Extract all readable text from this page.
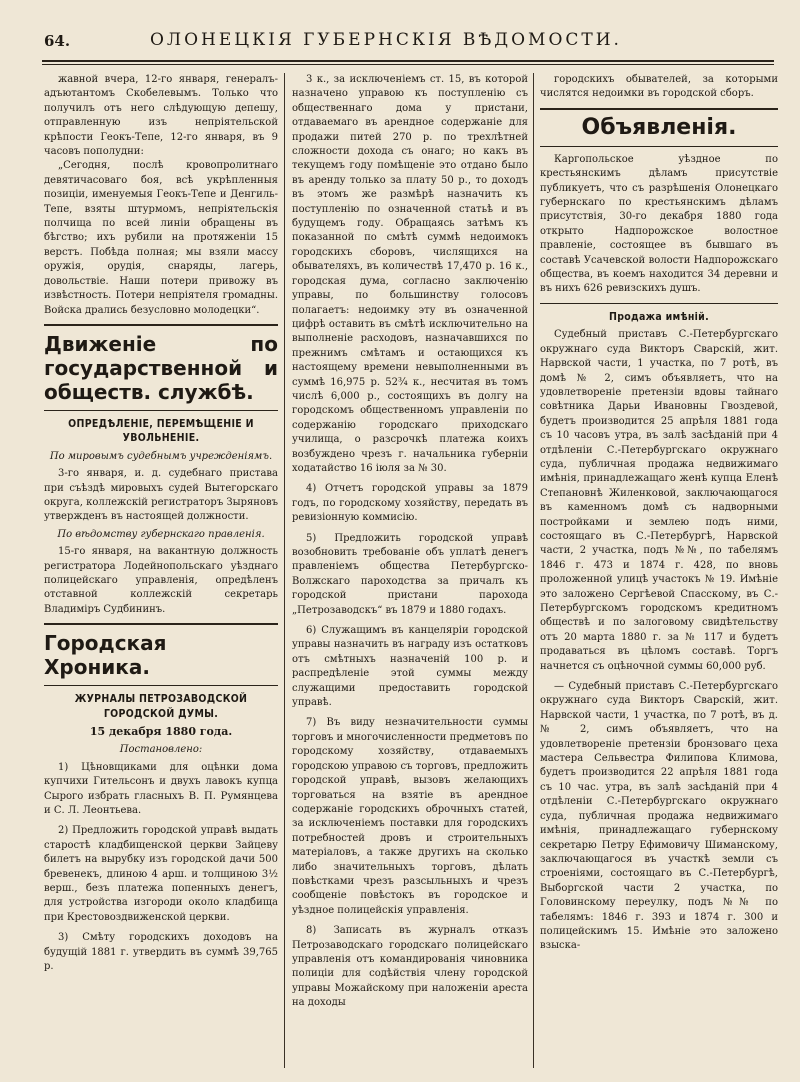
64.	ОЛОНЕЦКІЯ ГУБЕРНСКІЯ ВѢДОМОСТИ.

жавной вчера, 12-го января, генералъ-адъютантомъ Скобелевымъ. Только что получилъ отъ него слѣдующую депешу, отправленную изъ непріятельской крѣпости Геокъ-Тепе, 12-го января, въ 9 часовъ пополудни:

„Сегодня, послѣ кровопролитнаго девятичасоваго боя, всѣ укрѣпленныя позиціи, именуемыя Геокъ-Тепе и Денгиль-Тепе, взяты штурмомъ, непріятельскія полчища по всей линіи обращены въ бѣгство; ихъ рубили на протяженіи 15 верстъ. Побѣда полная; мы взяли массу оружія, орудія, снаряды, лагерь, довольствіе. Наши потери привожу въ извѣстность. Потери непріятеля громадны. Войска дрались безусловно молодецки“.

Движеніе по государственной и обществ. службѣ.
ОПРЕДѢЛЕНІЕ, ПЕРЕМѢЩЕНІЕ И УВОЛЬНЕНІЕ.

По мировымъ судебнымъ учрежденіямъ.

3-го января, и. д. судебнаго пристава при съѣздѣ мировыхъ судей Вытегорскаго округа, коллежскій регистраторъ Зыряновъ утвержденъ въ настоящей должности.

По вѣдомству губернскаго правленія.

15-го января, на вакантную должность регистратора Лодейнопольскаго уѣзднаго полицейскаго управленія, опредѣленъ отставной коллежскій секретарь Владиміръ Судбининъ.

Городская Хроника.
ЖУРНАЛЫ ПЕТРОЗАВОДСКОЙ ГОРОДСКОЙ ДУМЫ.
15 декабря 1880 года.

Постановлено:

1) Цѣновщиками для оцѣнки дома купчихи Гительсонъ и двухъ лавокъ купца Сырого избрать гласныхъ В. П. Румянцева и С. Л. Леонтьева.

2) Предложить городской управѣ выдать старостѣ кладбищенской церкви Зайцеву билетъ на вырубку изъ городской дачи 500 бревенекъ, длиною 4 арш. и толщиною 3½ верш., безъ платежа попенныхъ денегъ, для устройства изгороди около кладбища при Крестовоздвиженской церкви.

3) Смѣту городскихъ доходовъ на будущій 1881 г. утвердить въ суммѣ 39,765 р.

3 к., за исключеніемъ ст. 15, въ которой назначено управою къ поступленію съ общественнаго дома у пристани, отдаваемаго въ арендное содержаніе для продажи питей 270 р. по трехлѣтней сложности дохода съ онаго; но какъ въ текущемъ году помѣщеніе это отдано было въ аренду только за плату 50 р., то доходъ въ этомъ же размѣрѣ назначить къ поступленію по означенной статьѣ и въ будущемъ году. Обращаясь затѣмъ къ показанной по смѣтѣ суммѣ недоимокъ городскихъ сборовъ, числящихся на обывателяхъ, въ количествѣ 17,470 р. 16 к., городская дума, согласно заключенію управы, по большинству голосовъ полагаетъ: недоимку эту въ означенной цифрѣ оставить въ смѣтѣ исключительно на выполненіе расходовъ, назначавшихся по прежнимъ смѣтамъ и остающихся къ настоящему времени невыполненными въ суммѣ 16,975 р. 52¾ к., несчитая въ томъ числѣ 6,000 р., состоящихъ въ долгу на городскомъ общественномъ управленіи по содержанію городскаго приходскаго училища, о разсрочкѣ платежа коихъ возбуждено чрезъ г. начальника губерніи ходатайство 16 іюля за № 30.

4) Отчетъ городской управы за 1879 годъ, по городскому хозяйству, передать въ ревизіонную коммисію.

5) Предложить городской управѣ возобновить требованіе объ уплатѣ денегъ правленіемъ общества Петербургско-Волжскаго пароходства за причалъ къ городской пристани парохода „Петрозаводскъ“ въ 1879 и 1880 годахъ.

6) Служащимъ въ канцеляріи городской управы назначить въ награду изъ остатковъ отъ смѣтныхъ назначеній 100 р. и распредѣленіе этой суммы между служащими предоставить городской управѣ.

7) Въ виду незначительности суммы торговъ и многочисленности предметовъ по городскому хозяйству, отдаваемыхъ городскою управою съ торговъ, предложить городской управѣ, вызовъ желающихъ торговаться на взятіе въ арендное содержаніе городскихъ оброчныхъ статей, за исключеніемъ поставки для городскихъ потребностей дровъ и строительныхъ матеріаловъ, а также другихъ на сколько либо значительныхъ торговъ, дѣлать повѣстками чрезъ разсыльныхъ и чрезъ сообщеніе повѣстокъ въ городское и уѣздное полицейскія управленія.

8) Записать въ журналъ отказъ Петрозаводскаго городскаго полицейскаго управленія отъ командированія чиновника полиціи для содѣйствія члену городской управы Можайскому при наложеніи ареста на доходы

городскихъ обывателей, за которыми числятся недоимки въ городской сборъ.

Объявленія.

Каргопольское уѣздное по крестьянскимъ дѣламъ присутствіе публикуетъ, что съ разрѣшенія Олонецкаго губернскаго по крестьянскимъ дѣламъ присутствія, 30-го декабря 1880 года открыто Надпорожское волостное правленіе, состоящее въ бывшаго въ составѣ Усачевской волости Надпорожскаго общества, въ коемъ находится 34 деревни и въ нихъ 626 ревизскихъ душъ.

Продажа имѣній.

Судебный приставъ С.-Петербургскаго окружнаго суда Викторъ Сварскій, жит. Нарвской части, 1 участка, по 7 ротѣ, въ домѣ № 2, симъ объявляетъ, что на удовлетвореніе претензіи вдовы тайнаго совѣтника Дарьи Ивановны Гвоздевой, будетъ производится 25 апрѣля 1881 года съ 10 часовъ утра, въ залѣ засѣданій при 4 отдѣленіи С.-Петербургскаго окружнаго суда, публичная продажа недвижимаго имѣнія, принадлежащаго женѣ купца Еленѣ Степановнѣ Жиленковой, заключающагося въ каменномъ домѣ съ надворными постройками и землею подъ ними, состоящаго въ С.-Петербургѣ, Нарвской части, 2 участка, подъ №№, по табелямъ 1846 г. 473 и 1874 г. 428, по вновь проложенной улицѣ участокъ № 19. Имѣніе это заложено Сергѣевой Спасскому, въ С.-Петербургскомъ городскомъ кредитномъ обществѣ и по залоговому свидѣтельству отъ 20 марта 1880 г. за № 117 и будетъ продаваться въ цѣломъ составѣ. Торгъ начнется съ оцѣночной суммы 60,000 руб.

— Судебный приставъ С.-Петербургскаго окружнаго суда Викторъ Сварскій, жит. Нарвской части, 1 участка, по 7 ротѣ, въ д. № 2, симъ объявляетъ, что на удовлетвореніе претензіи бронзоваго цеха мастера Сельвестра Филипова Климова, будетъ производится 22 апрѣля 1881 года съ 10 час. утра, въ залѣ засѣданій при 4 отдѣленіи С.-Петербургскаго окружнаго суда, публичная продажа недвижимаго имѣнія, принадлежащаго губернскому секретарю Петру Ефимовичу Шиманскому, заключающагося въ участкѣ земли съ строеніями, состоящаго въ С.-Петербургѣ, Выборгской части 2 участка, по Головинскому переулку, подъ №№ по табелямъ: 1846 г. 393 и 1874 г. 300 и полицейскимъ 15. Имѣніе это заложено взыска-
